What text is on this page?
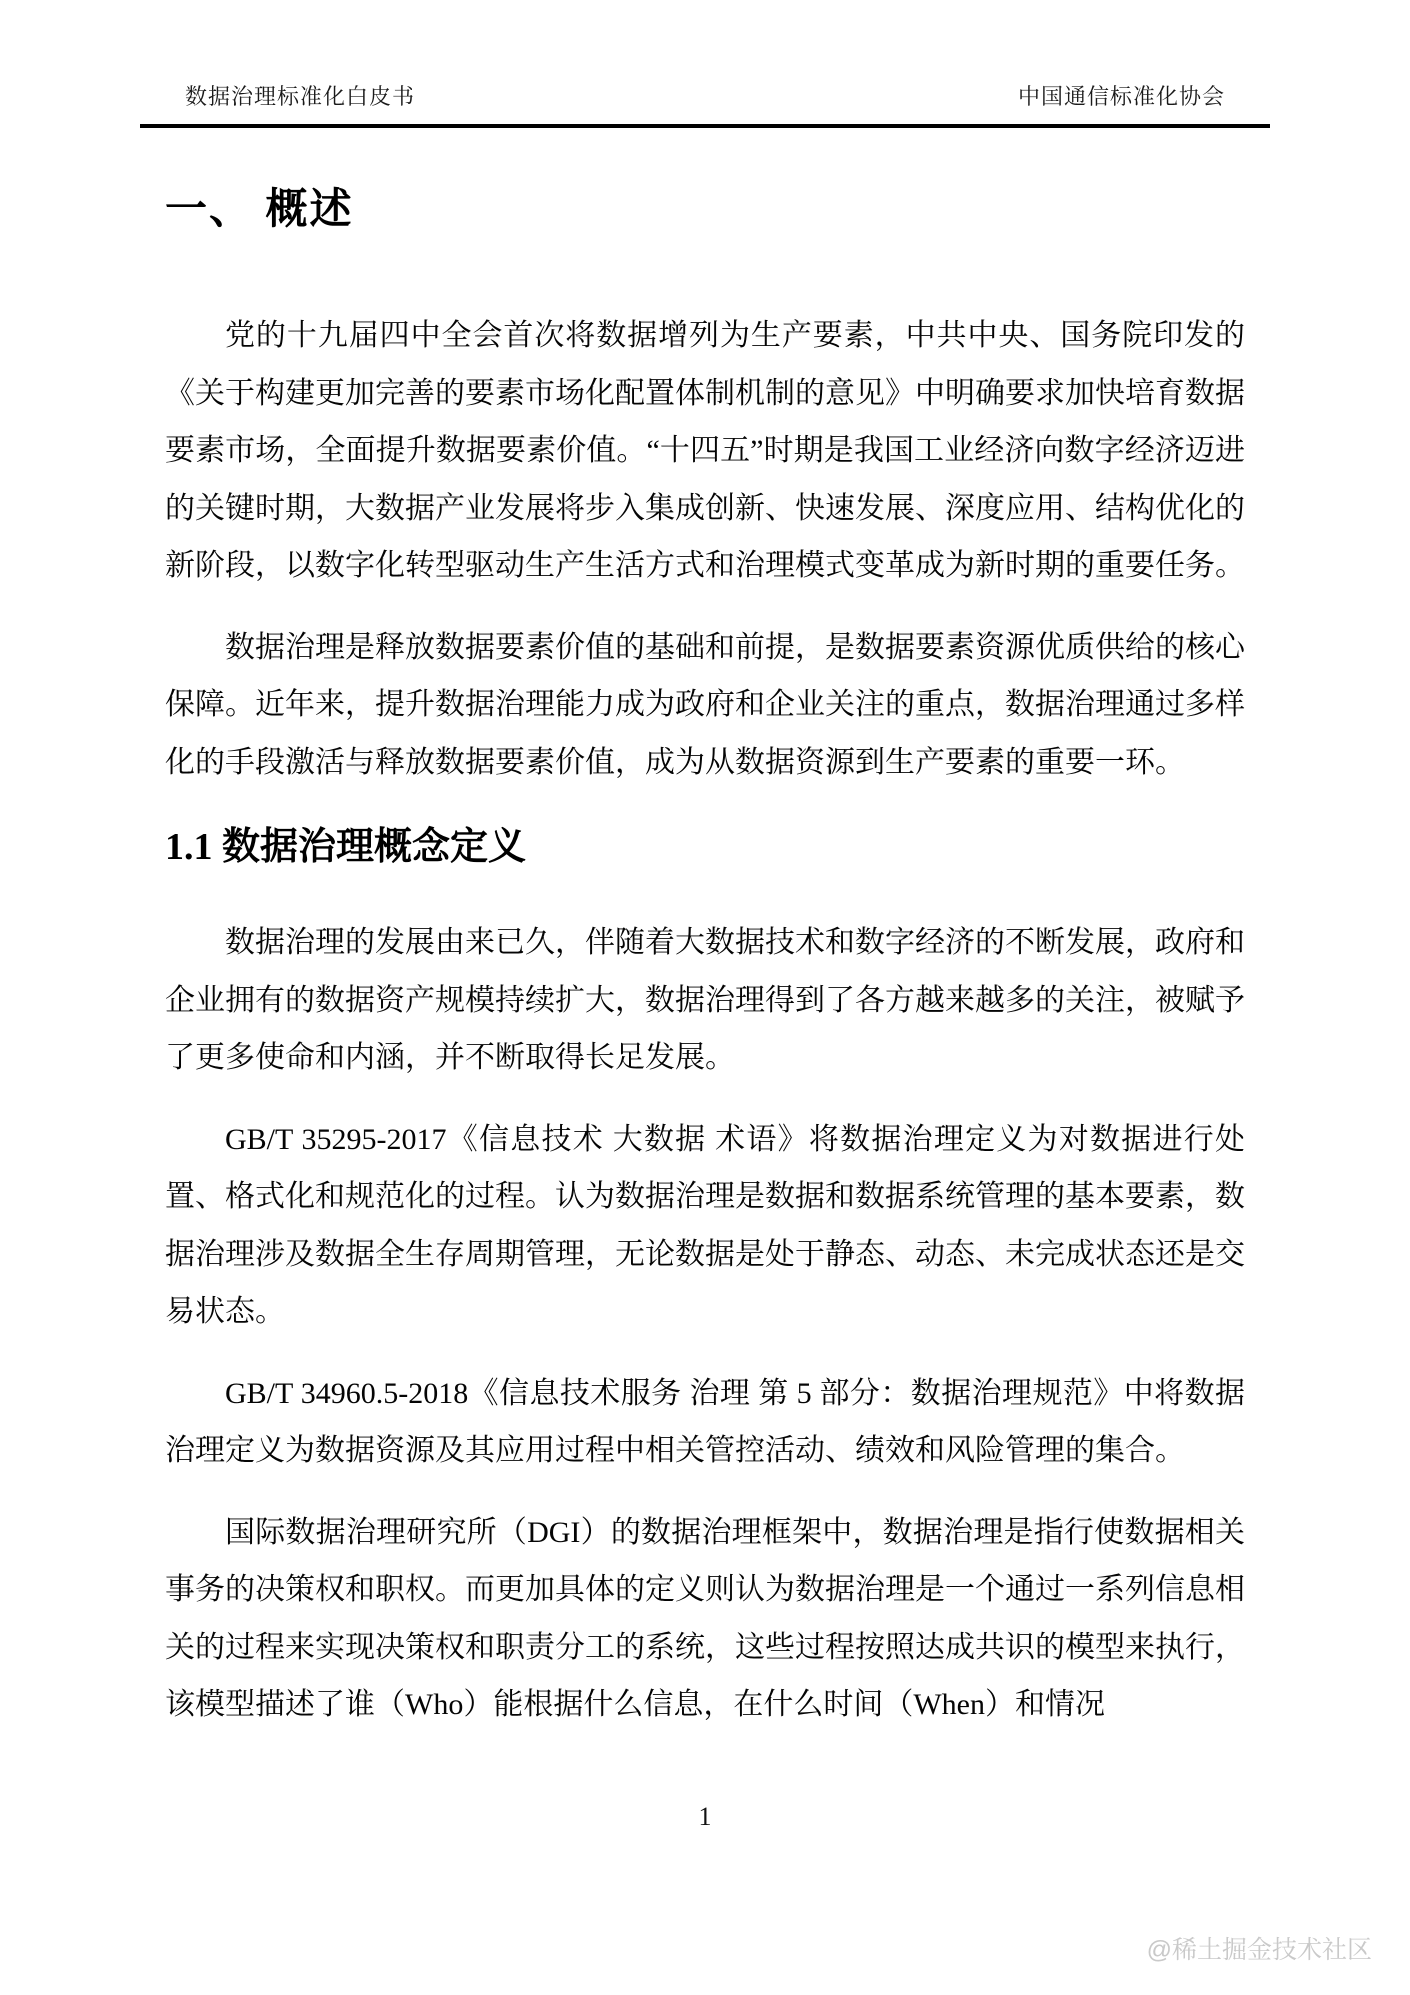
数据治理标准化白皮书	中国通信标准化协会
一、 概述

党的十九届四中全会首次将数据增列为生产要素，中共中央、国务院印发的《关于构建更加完善的要素市场化配置体制机制的意见》中明确要求加快培育数据要素市场，全面提升数据要素价值。“十四五”时期是我国工业经济向数字经济迈进的关键时期，大数据产业发展将步入集成创新、快速发展、深度应用、结构优化的新阶段，以数字化转型驱动生产生活方式和治理模式变革成为新时期的重要任务。

数据治理是释放数据要素价值的基础和前提，是数据要素资源优质供给的核心保障。近年来，提升数据治理能力成为政府和企业关注的重点，数据治理通过多样化的手段激活与释放数据要素价值，成为从数据资源到生产要素的重要一环。

1.1 数据治理概念定义

数据治理的发展由来已久，伴随着大数据技术和数字经济的不断发展，政府和企业拥有的数据资产规模持续扩大，数据治理得到了各方越来越多的关注，被赋予了更多使命和内涵，并不断取得长足发展。

GB/T 35295-2017《信息技术 大数据 术语》将数据治理定义为对数据进行处置、格式化和规范化的过程。认为数据治理是数据和数据系统管理的基本要素，数据治理涉及数据全生存周期管理，无论数据是处于静态、动态、未完成状态还是交易状态。

GB/T 34960.5-2018《信息技术服务 治理 第 5 部分：数据治理规范》中将数据治理定义为数据资源及其应用过程中相关管控活动、绩效和风险管理的集合。

国际数据治理研究所（DGI）的数据治理框架中，数据治理是指行使数据相关事务的决策权和职权。而更加具体的定义则认为数据治理是一个通过一系列信息相关的过程来实现决策权和职责分工的系统，这些过程按照达成共识的模型来执行，该模型描述了谁（Who）能根据什么信息，在什么时间（When）和情况

1
@稀土掘金技术社区
